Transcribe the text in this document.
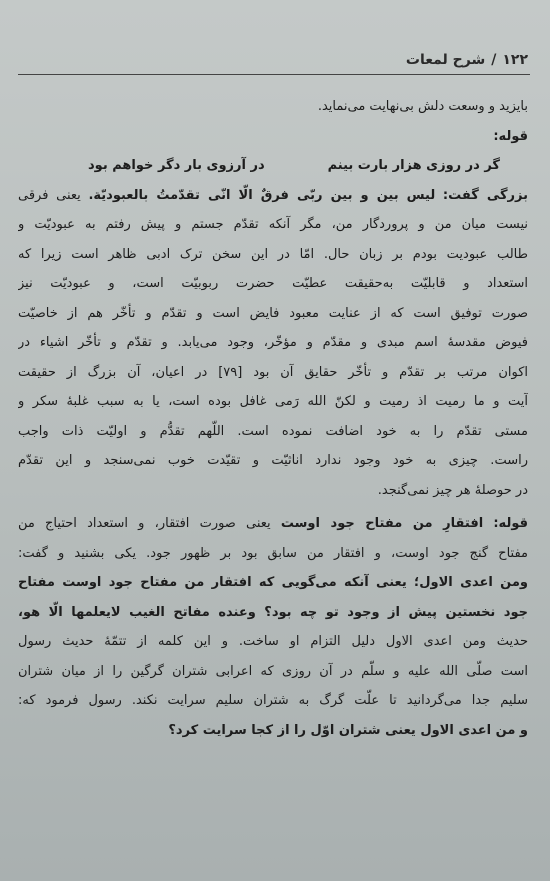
۱۲۲
/
شرح لمعات
بایزید و وسعت دلش بی‌نهایت می‌نماید.
قوله:
گر در روزی هزار بارت بینم
در آرزوی بار دگر خواهم بود
بزرگی گفت: لیس بین و بین ربّی فرقٌ الّا انّی تقدّمتُ بالعبودیّة. یعنی فرقی
نیست میان من و پروردگار من، مگر آنکه تقدّم جستم و پیش رفتم به عبودیّت و
طالب عبودیت بودم بر زبان حال. امّا در این سخن ترک ادبی ظاهر است زیرا که
استعداد و قابلیّت به‌حقیقت عطیّت حضرت ربوبیّت است، و عبودیّت نیز
صورت توفیق است که از عنایت معبود فایض است و تقدّم و تأخّر هم از خاصیّت
فیوض مقدسهٔ اسم مبدی و مقدّم و مؤخّر، وجود می‌یابد. و تقدّم و تأخّر اشیاء در
اکوان مرتب بر تقدّم و تأخّر حقایق آن بود [۷۹] در اعیان، آن بزرگ از حقیقت
آیت و ما رمیت اذ رمیت و لکنّ الله رَمی غافل بوده است، یا به سبب غلبهٔ سکر و
مستی تقدّم را به خود اضافت نموده است. اللّهم تقدُّم و اولیّت ذات واجب
راست. چیزی به خود وجود ندارد اناثیّت و تقیّدت خوب نمی‌سنجد و این تقدّم
در حوصلهٔ هر چیز نمی‌گنجد.
قوله: افتقارِ من مفتاح جود اوست یعنی صورت افتقار، و استعداد احتیاج من
مفتاح گنج جود اوست، و افتقار من سابق بود بر ظهور جود. یکی بشنید و گفت:
ومن اعدی الاول؛ یعنی آنکه می‌گویی که افتقار من مفتاح جود اوست مفتاح
جود نخستین پیش از وجود تو چه بود؟ وعنده مفاتح الغیب لایعلمها الّا هو،
حدیث ومن اعدی الاول دلیل التزام او ساخت. و این کلمه از تتمّهٔ حدیث رسول
است صلّی الله علیه و سلّم در آن روزی که اعرابی شتران گرگین را از میان شتران
سلیم جدا می‌گردانید تا علّت گرگ به شتران سلیم سرایت نکند. رسول فرمود که:
و من اعدی الاول یعنی شتران اوّل را از کجا سرایت کرد؟
